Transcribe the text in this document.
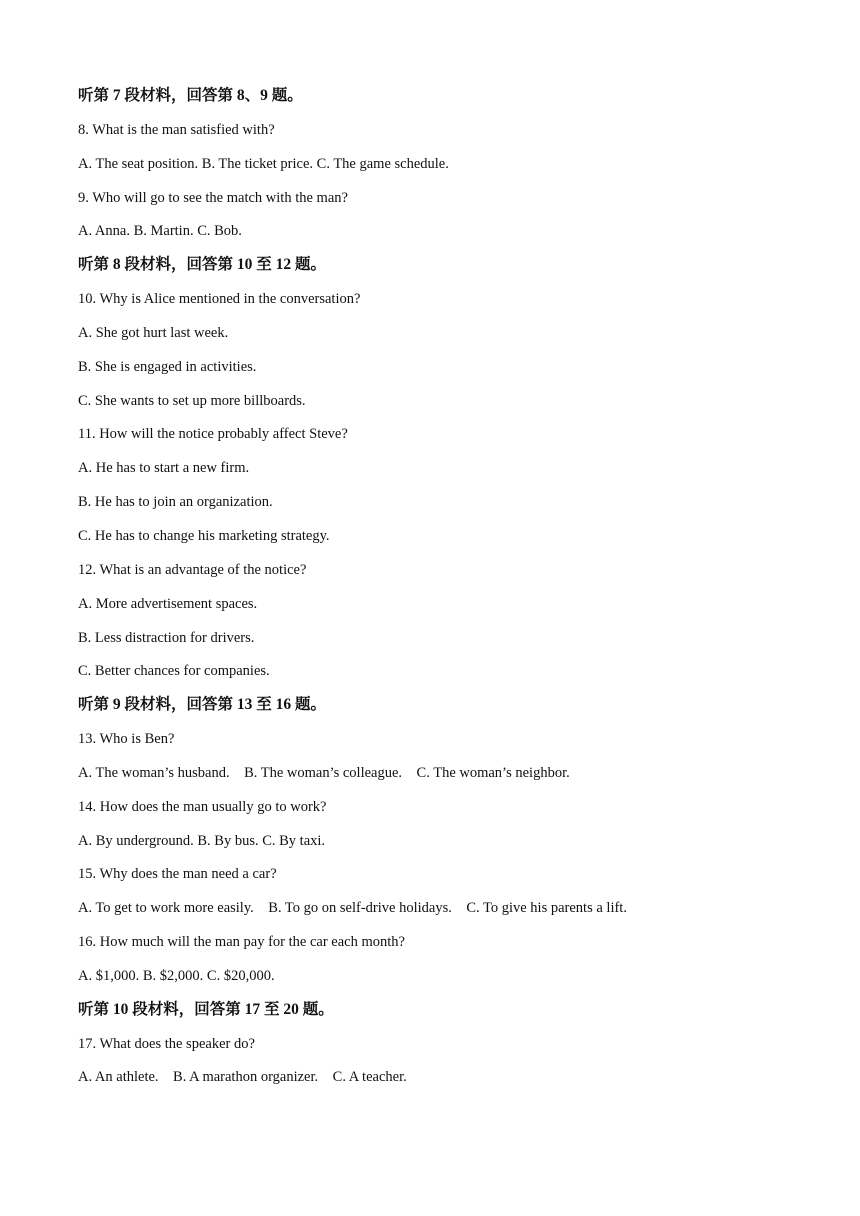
听第 7 段材料，回答第 8、9 题。
8. What is the man satisfied with?
A. The seat position. B. The ticket price. C. The game schedule.
9. Who will go to see the match with the man?
A. Anna. B. Martin. C. Bob.
听第 8 段材料，回答第 10 至 12 题。
10. Why is Alice mentioned in the conversation?
A. She got hurt last week.
B. She is engaged in activities.
C. She wants to set up more billboards.
11. How will the notice probably affect Steve?
A. He has to start a new firm.
B. He has to join an organization.
C. He has to change his marketing strategy.
12. What is an advantage of the notice?
A. More advertisement spaces.
B. Less distraction for drivers.
C. Better chances for companies.
听第 9 段材料，回答第 13 至 16 题。
13. Who is Ben?
A. The woman’s husband.    B. The woman’s colleague.    C. The woman’s neighbor.
14. How does the man usually go to work?
A. By underground. B. By bus. C. By taxi.
15. Why does the man need a car?
A. To get to work more easily.    B. To go on self-drive holidays.    C. To give his parents a lift.
16. How much will the man pay for the car each month?
A. $1,000. B. $2,000. C. $20,000.
听第 10 段材料，回答第 17 至 20 题。
17. What does the speaker do?
A. An athlete.    B. A marathon organizer.    C. A teacher.
